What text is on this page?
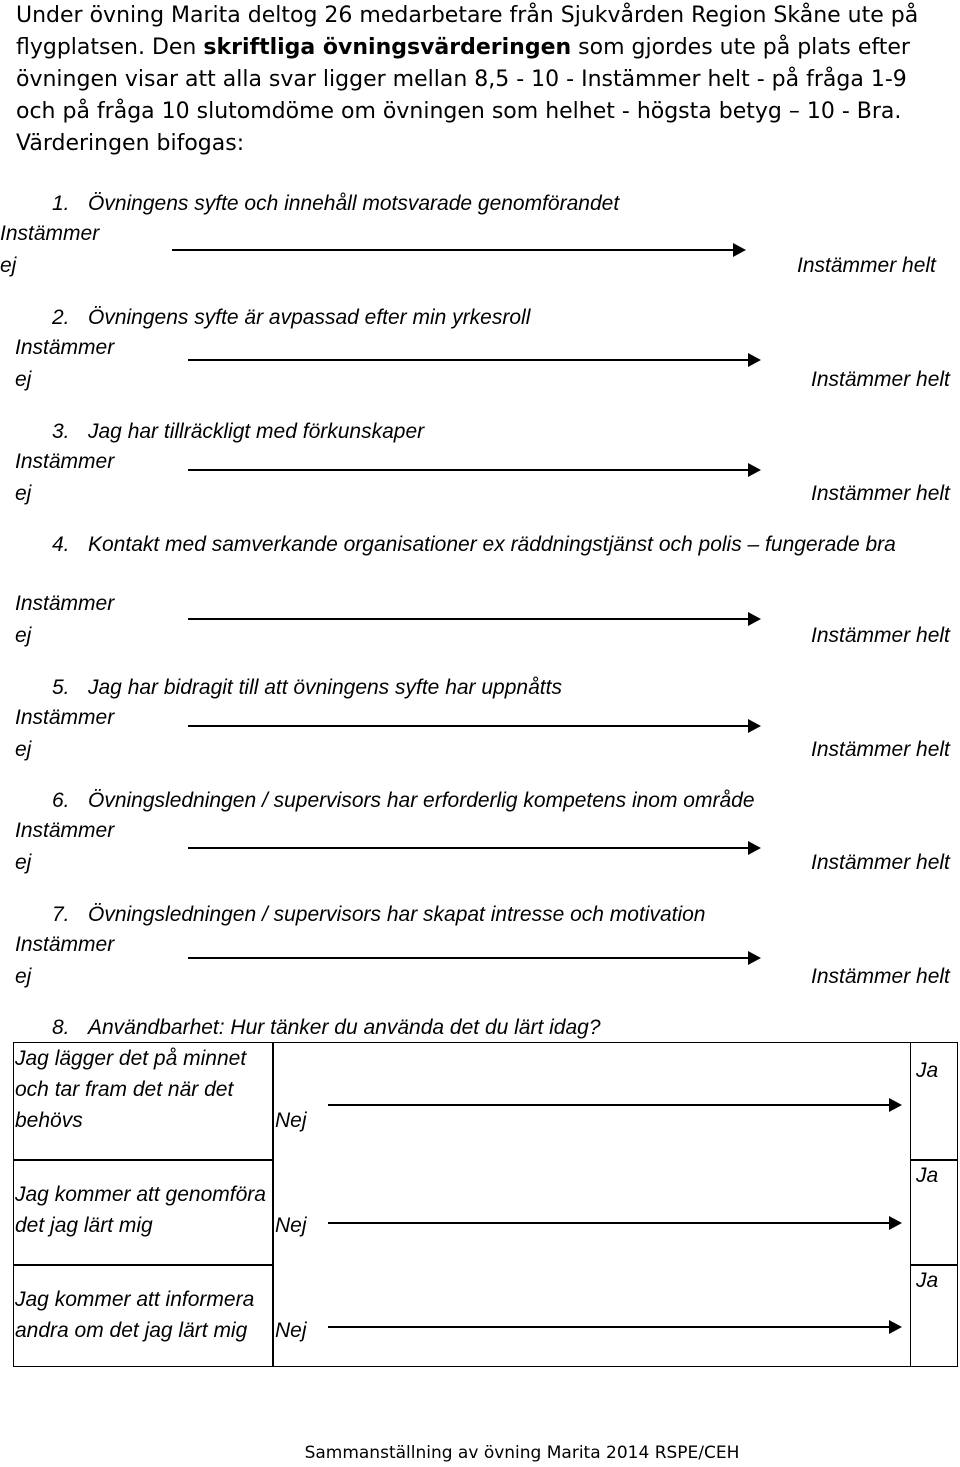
Under övning Marita deltog 26 medarbetare från Sjukvården Region Skåne ute på flygplatsen. Den skriftliga övningsvärderingen som gjordes ute på plats efter övningen visar att alla svar ligger mellan 8,5 - 10 - Instämmer helt - på fråga 1-9 och på fråga 10 slutomdöme om övningen som helhet - högsta betyg – 10 - Bra. Värderingen bifogas:
1. Övningens syfte och innehåll motsvarade genomförandet
Instämmer
ej	Instämmer helt
2. Övningens syfte är avpassad efter min yrkesroll
Instämmer
ej	Instämmer helt
3. Jag har tillräckligt med förkunskaper
Instämmer
ej	Instämmer helt
4. Kontakt med samverkande organisationer ex räddningstjänst och polis – fungerade bra
Instämmer
ej	Instämmer helt
5. Jag har bidragit till att övningens syfte har uppnåtts
Instämmer
ej	Instämmer helt
6. Övningsledningen / supervisors har erforderlig kompetens inom område
Instämmer
ej	Instämmer helt
7. Övningsledningen / supervisors har skapat intresse och motivation
Instämmer
ej	Instämmer helt
8. Användbarhet: Hur tänker du använda det du lärt idag?
Jag lägger det på minnet
och tar fram det när det
behövs	Nej
Ja
Jag kommer att genomföra
det jag lärt mig	Nej
Ja
Jag kommer att informera
andra om det jag lärt mig Nej
Ja
Sammanställning av övning Marita 2014 RSPE/CEH
